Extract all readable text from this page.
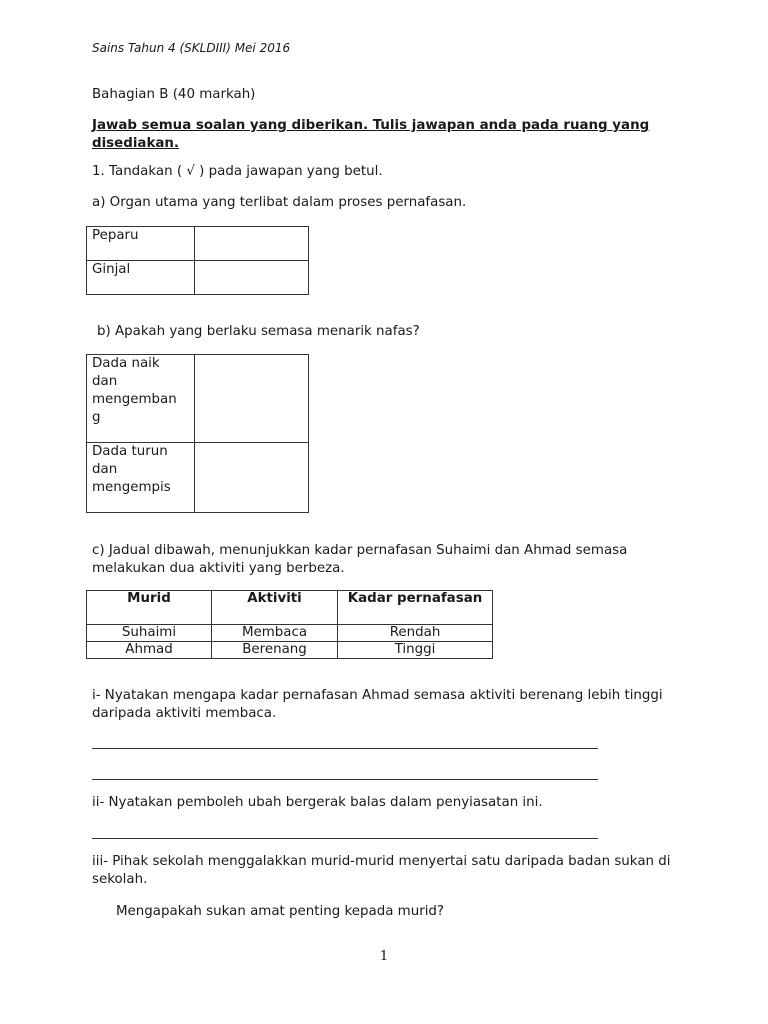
Sains Tahun 4 (SKLDIII) Mei 2016
Bahagian B (40 markah)
Jawab semua soalan yang diberikan. Tulis jawapan anda pada ruang yang disediakan.
1. Tandakan ( √ ) pada jawapan yang betul.
a) Organ utama yang terlibat dalam proses pernafasan.
Peparu	
Ginjal	
b) Apakah yang berlaku semasa menarik nafas?
Dada naik dan mengemban g	
Dada turun dan mengempis	
c) Jadual dibawah, menunjukkan kadar pernafasan Suhaimi dan Ahmad semasa melakukan dua aktiviti yang berbeza.
Murid	Aktiviti	Kadar pernafasan
Suhaimi	Membaca	Rendah
Ahmad	Berenang	Tinggi
i- Nyatakan mengapa kadar pernafasan Ahmad semasa aktiviti berenang lebih tinggi daripada aktiviti membaca.
ii- Nyatakan pemboleh ubah bergerak balas dalam penyiasatan ini.
iii- Pihak sekolah menggalakkan murid-murid menyertai satu daripada badan sukan di sekolah.
Mengapakah sukan amat penting kepada murid?
1
